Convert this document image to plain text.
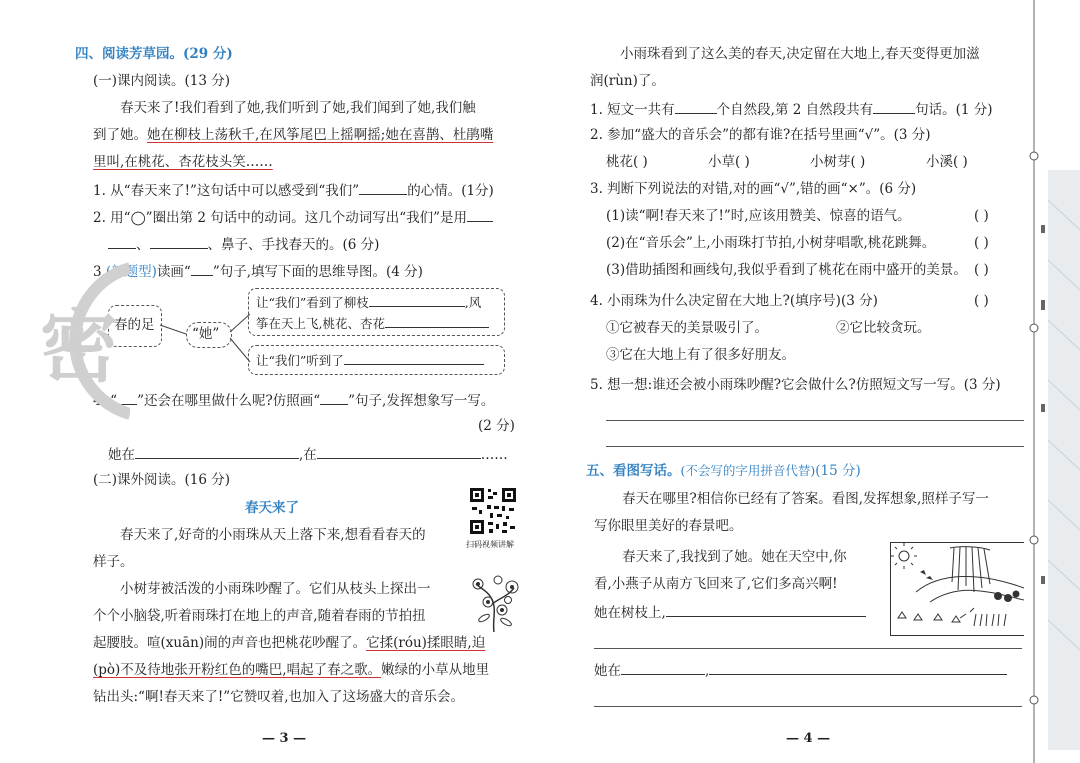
四、阅读芳草园。(29 分)
(一)课内阅读。(13 分)
春天来了!我们看到了她,我们听到了她,我们闻到了她,我们触
到了她。她在柳枝上荡秋千,在风筝尾巴上摇啊摇;她在喜鹊、杜鹃嘴
里叫,在桃花、杏花枝头笑……
1. 从“春天来了!”这句话中可以感受到“我们”	的心情。(1分)
2. 用“◯”圈出第 2 句话中的动词。这几个动词写出“我们”是用
、	、鼻子、手找春天的。(6 分)
3.(新题型)读画“ ”句子,填写下面的思维导图。(4 分)
春的足
“她”
让“我们”看到了柳枝	,风
筝在天上飞,桃花、杏花
让“我们”听到了
4. “ ”还会在哪里做什么呢?仿照画“ ”句子,发挥想象写一写。
(2 分)
她在	,在	……
(二)课外阅读。(16 分)
春天来了
扫码视频讲解
春天来了,好奇的小雨珠从天上落下来,想看看春天的
样子。
小树芽被活泼的小雨珠吵醒了。它们从枝头上探出一
个个小脑袋,听着雨珠打在地上的声音,随着春雨的节拍扭
起腰肢。喧(xuān)闹的声音也把桃花吵醒了。它揉(róu)揉眼睛,迫
(pò)不及待地张开粉红色的嘴巴,唱起了春之歌。嫩绿的小草从地里
钻出头:“啊!春天来了!”它赞叹着,也加入了这场盛大的音乐会。
— 3 —
密
小雨珠看到了这么美的春天,决定留在大地上,春天变得更加滋
润(rùn)了。
1. 短文一共有	个自然段,第 2 自然段共有	句话。(1 分)
2. 参加“盛大的音乐会”的都有谁?在括号里画“√”。(3 分)
桃花( )	小草( )	小树芽( )	小溪( )
3. 判断下列说法的对错,对的画“√”,错的画“×”。(6 分)
(1)读“啊!春天来了!”时,应该用赞美、惊喜的语气。	( )
(2)在“音乐会”上,小雨珠打节拍,小树芽唱歌,桃花跳舞。	( )
(3)借助插图和画线句,我似乎看到了桃花在雨中盛开的美景。 ( )
4. 小雨珠为什么决定留在大地上?(填序号)(3 分)	( )
①它被春天的美景吸引了。	②它比较贪玩。
③它在大地上有了很多好朋友。
5. 想一想:谁还会被小雨珠吵醒?它会做什么?仿照短文写一写。(3 分)
五、看图写话。(不会写的字用拼音代替)(15 分)
春天在哪里?相信你已经有了答案。看图,发挥想象,照样子写一
写你眼里美好的春景吧。
春天来了,我找到了她。她在天空中,你
看,小燕子从南方飞回来了,它们多高兴啊!
她在树枝上,
她在	,
— 4 —
